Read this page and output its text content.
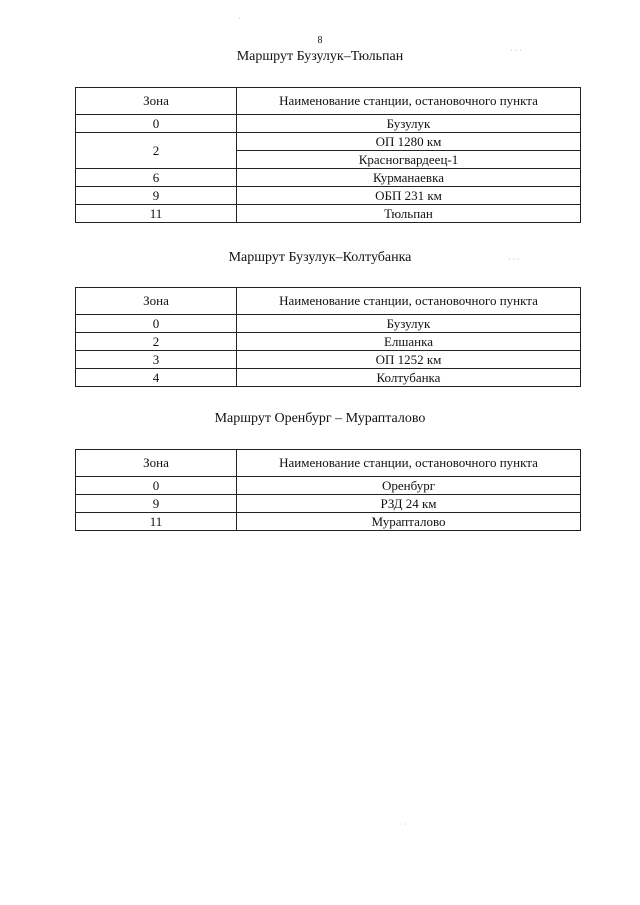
8
Маршрут Бузулук–Тюльпан
Зона	Наименование станции, остановочного пункта
0	Бузулук
2	ОП 1280 км
	Красногвардеец-1
6	Курманаевка
9	ОБП 231 км
11	Тюльпан
Маршрут Бузулук–Колтубанка
Зона	Наименование станции, остановочного пункта
0	Бузулук
2	Елшанка
3	ОП 1252 км
4	Колтубанка
Маршрут Оренбург – Мурапталово
Зона	Наименование станции, остановочного пункта
0	Оренбург
9	РЗД 24 км
11	Мурапталово
·
· · ·
· · ·
·
